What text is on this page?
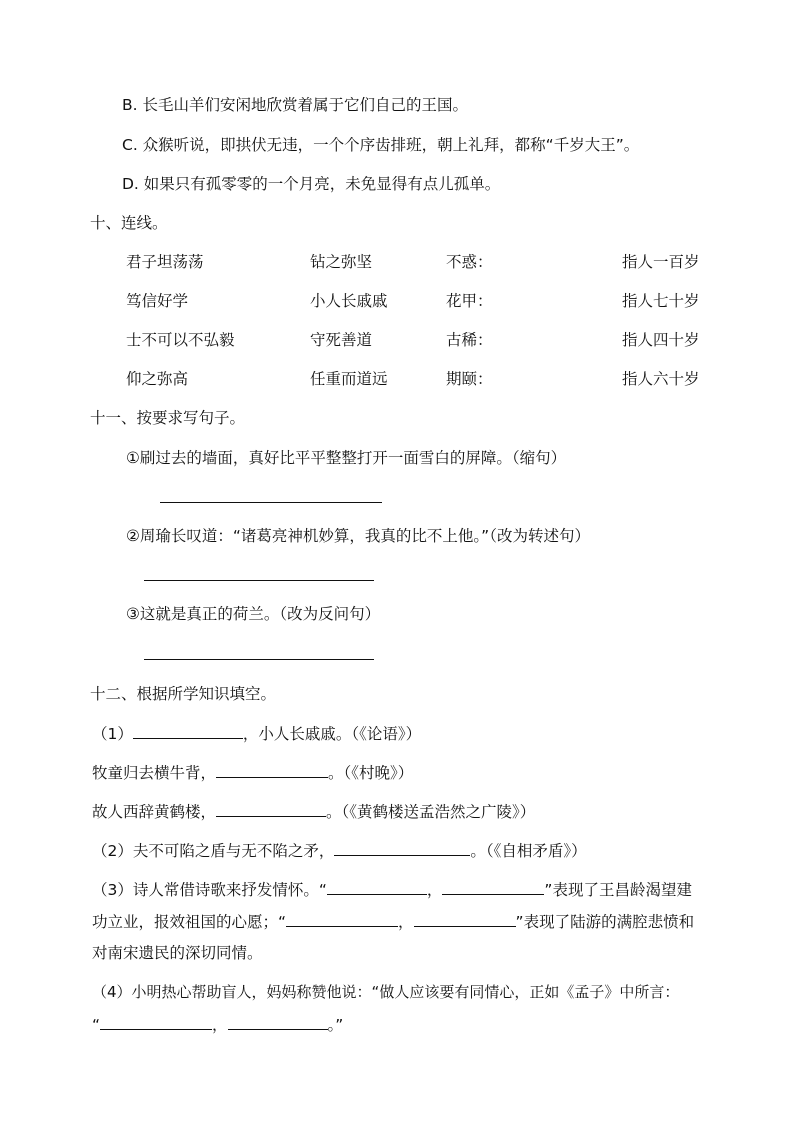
B. 长毛山羊们安闲地欣赏着属于它们自己的王国。
C. 众猴听说，即拱伏无违，一个个序齿排班，朝上礼拜，都称“千岁大王”。
D. 如果只有孤零零的一个月亮，未免显得有点儿孤单。
十、连线。
君子坦荡荡	钻之弥坚	不惑：	指人一百岁
笃信好学	小人长戚戚	花甲：	指人七十岁
士不可以不弘毅	守死善道	古稀：	指人四十岁
仰之弥高	任重而道远	期颐：	指人六十岁
十一、按要求写句子。
①刷过去的墙面，真好比平平整整打开一面雪白的屏障。（缩句）
②周瑜长叹道：“诸葛亮神机妙算，我真的比不上他。”（改为转述句）
③这就是真正的荷兰。（改为反问句）
十二、根据所学知识填空。
（1）	，小人长戚戚。（《论语》）
牧童归去横牛背，	。（《村晚》）
故人西辞黄鹤楼，	。（《黄鹤楼送孟浩然之广陵》）
（2）夫不可陷之盾与无不陷之矛，	。（《自相矛盾》）
（3）诗人常借诗歌来抒发情怀。“	，	”表现了王昌龄渴望建
功立业，报效祖国的心愿；“	，	”表现了陆游的满腔悲愤和
对南宋遗民的深切同情。
（4）小明热心帮助盲人，妈妈称赞他说：“做人应该要有同情心，正如《孟子》中所言：
“	，	。”
